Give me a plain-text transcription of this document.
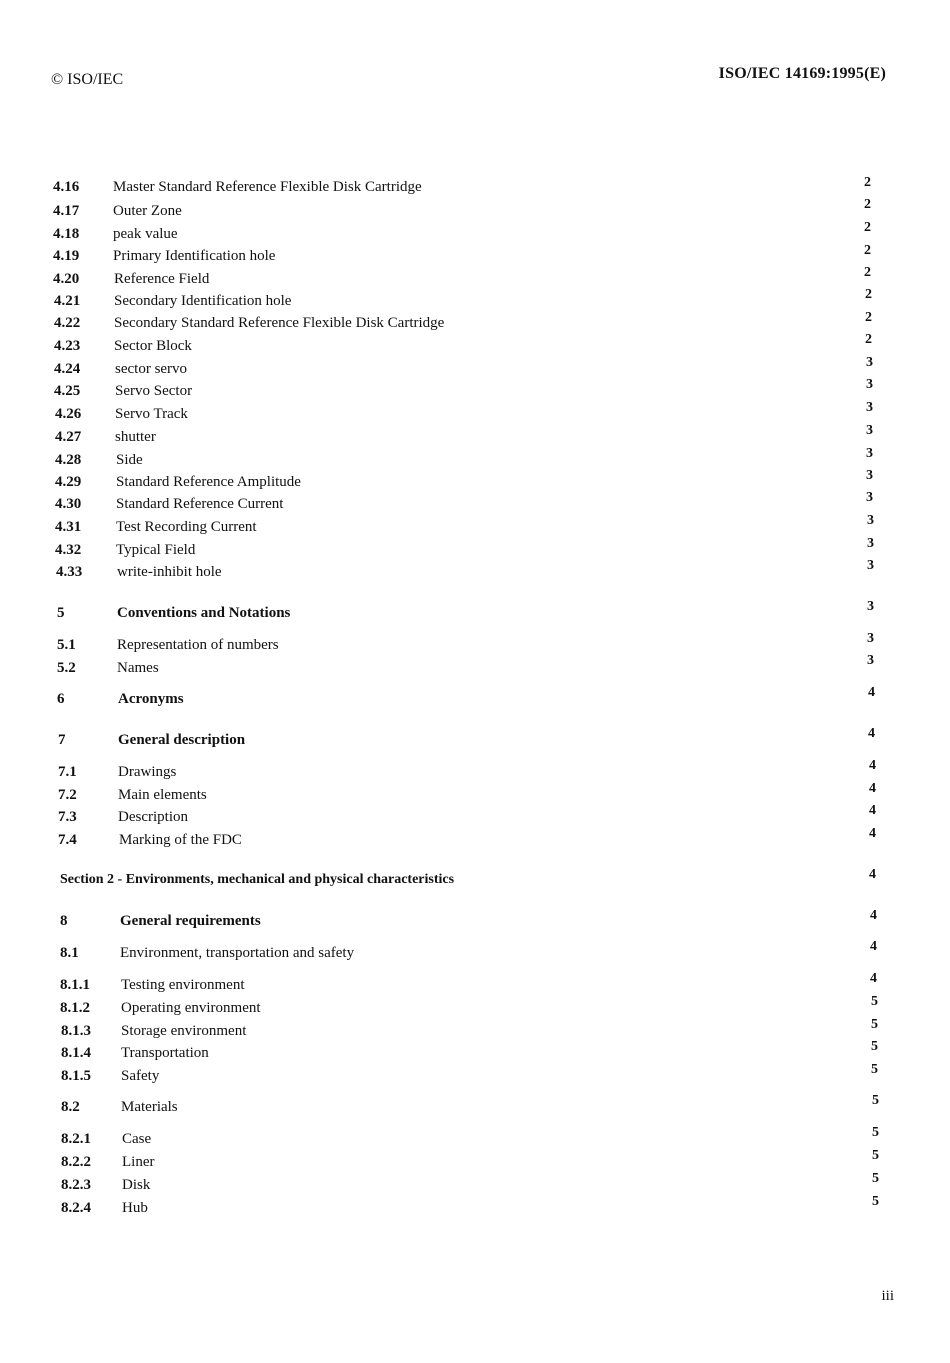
© ISO/IEC	ISO/IEC 14169:1995(E)
4.16 Master Standard Reference Flexible Disk Cartridge	2
4.17 Outer Zone	2
4.18 peak value	2
4.19 Primary Identification hole	2
4.20 Reference Field	2
4.21 Secondary Identification hole	2
4.22 Secondary Standard Reference Flexible Disk Cartridge	2
4.23 Sector Block	2
4.24 sector servo	3
4.25 Servo Sector	3
4.26 Servo Track	3
4.27 shutter	3
4.28 Side	3
4.29 Standard Reference Amplitude	3
4.30 Standard Reference Current	3
4.31 Test Recording Current	3
4.32 Typical Field	3
4.33 write-inhibit hole	3
5	Conventions and Notations	3
5.1	Representation of numbers	3
5.2	Names	3
6	Acronyms	4
7	General description	4
7.1	Drawings	4
7.2	Main elements	4
7.3	Description	4
7.4	Marking of the FDC	4
Section 2 - Environments, mechanical and physical characteristics	4
8	General requirements	4
8.1	Environment, transportation and safety	4
8.1.1 Testing environment	4
8.1.2 Operating environment	5
8.1.3 Storage environment	5
8.1.4 Transportation	5
8.1.5 Safety	5
8.2	Materials	5
8.2.1 Case	5
8.2.2 Liner	5
8.2.3 Disk	5
8.2.4 Hub	5
iii
